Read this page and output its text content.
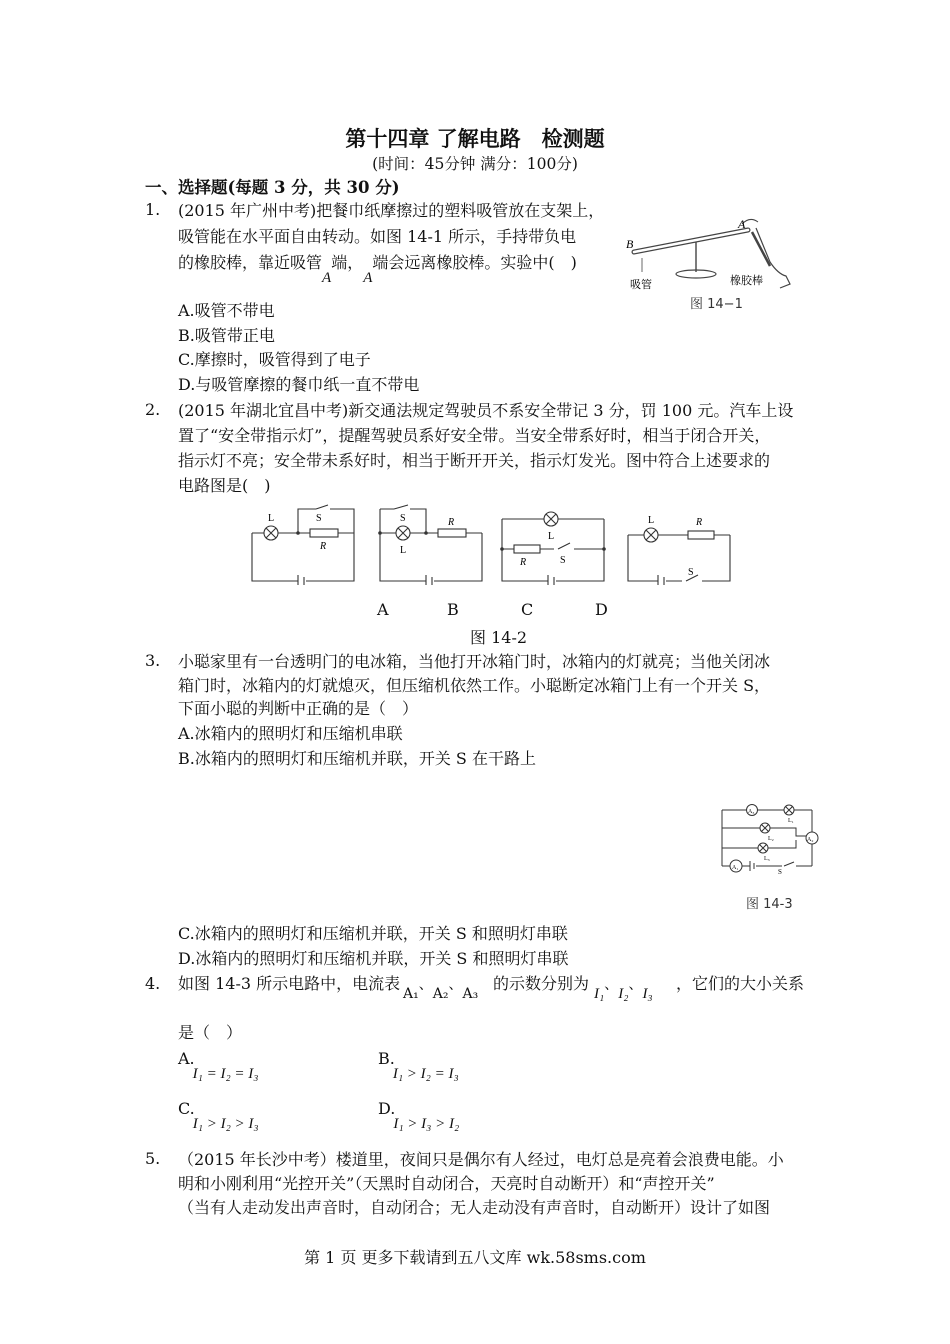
第十四章 了解电路　检测题
(时间：45分钟 满分：100分)
一、选择题(每题 3 分，共 30 分)
1. (2015 年广州中考)把餐巾纸摩擦过的塑料吸管放在支架上，
吸管能在水平面自由转动。如图 14-1 所示，手持带负电
的橡胶棒，靠近吸管A端，A端会远离橡胶棒。实验中(　)
A.吸管不带电
B.吸管带正电
C.摩擦时，吸管得到了电子
D.与吸管摩擦的餐巾纸一直不带电
A
B
吸管	橡胶棒
图 14−1
2. (2015 年湖北宜昌中考)新交通法规定驾驶员不系安全带记 3 分，罚 100 元。汽车上设
置了“安全带指示灯”，提醒驾驶员系好安全带。当安全带系好时，相当于闭合开关，
指示灯不亮；安全带未系好时，相当于断开开关，指示灯发光。图中符合上述要求的
电路图是(　)
L	S
R
S
L
R
L
R	S
L	R
S
A	B	C	D
图 14-2
3. 小聪家里有一台透明门的电冰箱，当他打开冰箱门时，冰箱内的灯就亮；当他关闭冰
箱门时，冰箱内的灯就熄灭，但压缩机依然工作。小聪断定冰箱门上有一个开关 S，
下面小聪的判断中正确的是（　）
A.冰箱内的照明灯和压缩机串联
B.冰箱内的照明灯和压缩机并联，开关 S 在干路上
A₃
L₁
L₂	A₂
A₁
L₃
S
图 14-3
C.冰箱内的照明灯和压缩机并联，开关 S 和照明灯串联
D.冰箱内的照明灯和压缩机并联，开关 S 和照明灯串联
4. 如图 14-3 所示电路中，电流表
A₁、A₂、A₃
的示数分别为
I₁、I₂、I₃
，它们的大小关系
是（　）
A.I₁ = I₂ = I₃
B.I₁ > I₂ = I₃
C.I₁ > I₂ > I₃
D.I₁ > I₃ > I₂
5. （2015 年长沙中考）楼道里，夜间只是偶尔有人经过，电灯总是亮着会浪费电能。小
明和小刚利用“光控开关”（天黑时自动闭合，天亮时自动断开）和“声控开关”
（当有人走动发出声音时，自动闭合；无人走动没有声音时，自动断开）设计了如图
第 1 页 更多下载请到五八文库 wk.58sms.com
